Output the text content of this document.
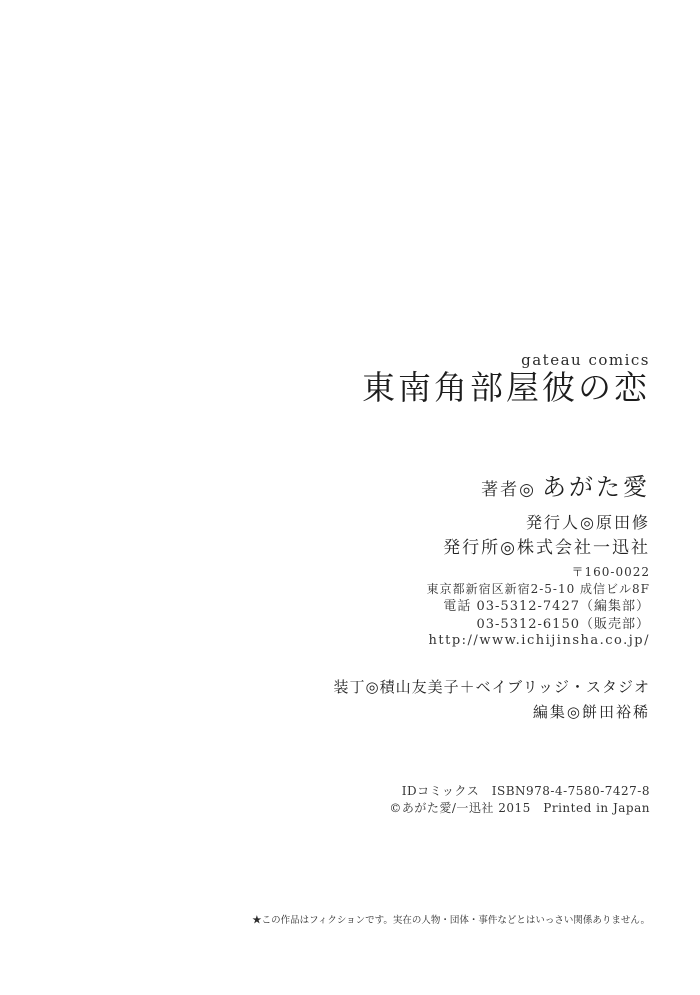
gateau comics
東南角部屋彼の恋
著者◎ あがた愛
発行人◎原田修
発行所◎株式会社一迅社
〒160-0022
東京都新宿区新宿2-5-10 成信ビル8F
電話 03-5312-7427（編集部）
03-5312-6150（販売部）
http://www.ichijinsha.co.jp/
装丁◎積山友美子＋ベイブリッジ・スタジオ
編集◎餅田裕稀
IDコミックス　ISBN978-4-7580-7427-8
©あがた愛/一迅社 2015　Printed in Japan
★この作品はフィクションです。実在の人物・団体・事件などとはいっさい関係ありません。
